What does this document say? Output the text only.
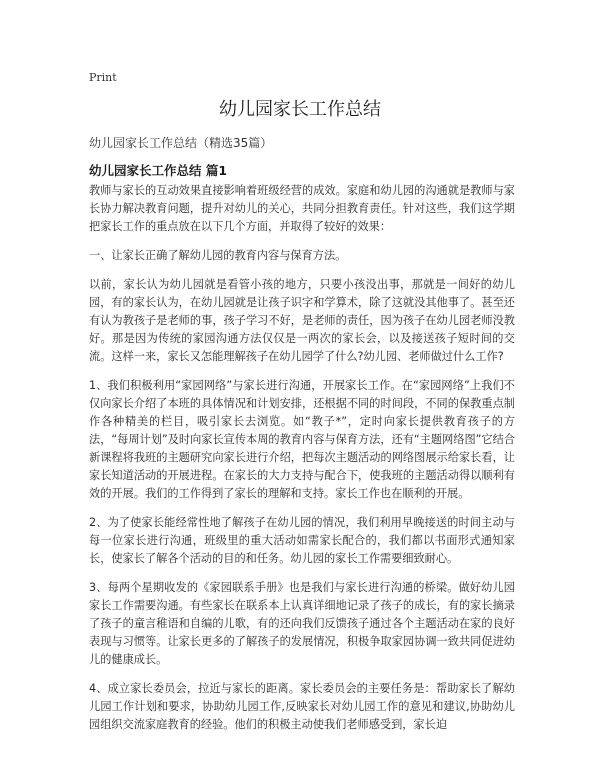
Print
幼儿园家长工作总结
幼儿园家长工作总结（精选35篇）
幼儿园家长工作总结 篇1

教师与家长的互动效果直接影响着班级经营的成效。家庭和幼儿园的沟通就是教师与家长协力解决教育问题，提升对幼儿的关心，共同分担教育责任。针对这些，我们这学期把家长工作的重点放在以下几个方面，并取得了较好的效果：

一、让家长正确了解幼儿园的教育内容与保育方法。

以前，家长认为幼儿园就是看管小孩的地方，只要小孩没出事，那就是一间好的幼儿园，有的家长认为，在幼儿园就是让孩子识字和学算术，除了这就没其他事了。甚至还有认为教孩子是老师的事，孩子学习不好，是老师的责任，因为孩子在幼儿园老师没教好。那是因为传统的家园沟通方法仅仅是一两次的家长会，以及接送孩子短时间的交流。这样一来，家长又怎能理解孩子在幼儿园学了什么?幼儿园、老师做过什么工作?

1、我们积极利用“家园网络”与家长进行沟通，开展家长工作。在“家园网络”上我们不仅向家长介绍了本班的具体情况和计划安排，还根据不同的时间段，不同的保教重点制作各种精美的栏目，吸引家长去浏览。如“教子*”，定时向家长提供教育孩子的方法，“每周计划”及时向家长宣传本周的教育内容与保育方法，还有“主题网络图”它结合新课程将我班的主题研究向家长进行介绍，把每次主题活动的网络图展示给家长看，让家长知道活动的开展进程。在家长的大力支持与配合下，使我班的主题活动得以顺利有效的开展。我们的工作得到了家长的理解和支持。家长工作也在顺利的开展。

2、为了使家长能经常性地了解孩子在幼儿园的情况，我们利用早晚接送的时间主动与每一位家长进行沟通，班级里的重大活动如需家长配合的，我们都以书面形式通知家长，使家长了解各个活动的目的和任务。幼儿园的家长工作需要细致耐心。

3、每两个星期收发的《家园联系手册》也是我们与家长进行沟通的桥梁。做好幼儿园家长工作需要沟通。有些家长在联系本上认真详细地记录了孩子的成长，有的家长摘录了孩子的童言稚语和自编的儿歌，有的还向我们反馈孩子通过各个主题活动在家的良好表现与习惯等。让家长更多的了解孩子的发展情况，积极争取家园协调一致共同促进幼儿的健康成长。

4、成立家长委员会，拉近与家长的距离。家长委员会的主要任务是：帮助家长了解幼儿园工作计划和要求，协助幼儿园工作,反映家长对幼儿园工作的意见和建议,协助幼儿园组织交流家庭教育的经验。他们的积极主动使我们老师感受到，家长迫
